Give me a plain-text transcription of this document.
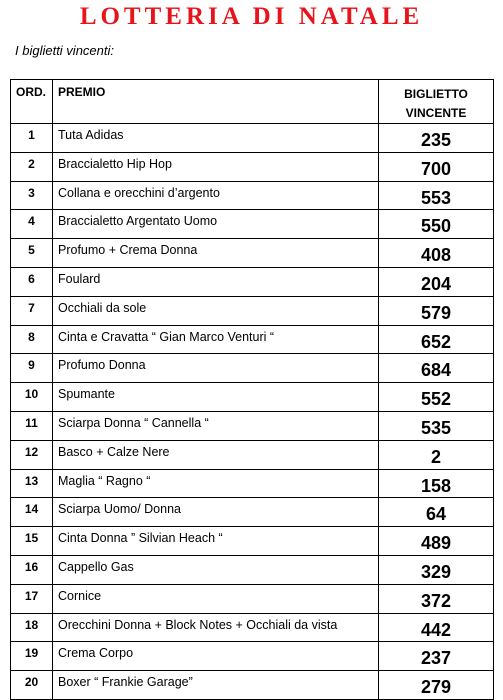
LOTTERIA DI NATALE
I biglietti vincenti:
ORD.	PREMIO	BIGLIETTO
VINCENTE

1	Tuta Adidas	235

2	Braccialetto Hip Hop	700

3	Collana e orecchini d’argento	553

4	Braccialetto Argentato Uomo	550

5	Profumo + Crema Donna	408

6	Foulard	204

7	Occhiali da sole	579

8	Cinta e Cravatta “ Gian Marco Venturi “	652

9	Profumo Donna	684

10	Spumante	552

11	Sciarpa Donna “ Cannella “	535

12	Basco + Calze Nere	2

13	Maglia “ Ragno “	158

14	Sciarpa Uomo/ Donna	64

15	Cinta Donna ” Silvian Heach “	489

16	Cappello Gas	329

17	Cornice	372

18	Orecchini Donna + Block Notes + Occhiali da vista	442

19	Crema Corpo	237

20	Boxer “ Frankie Garage”	279
